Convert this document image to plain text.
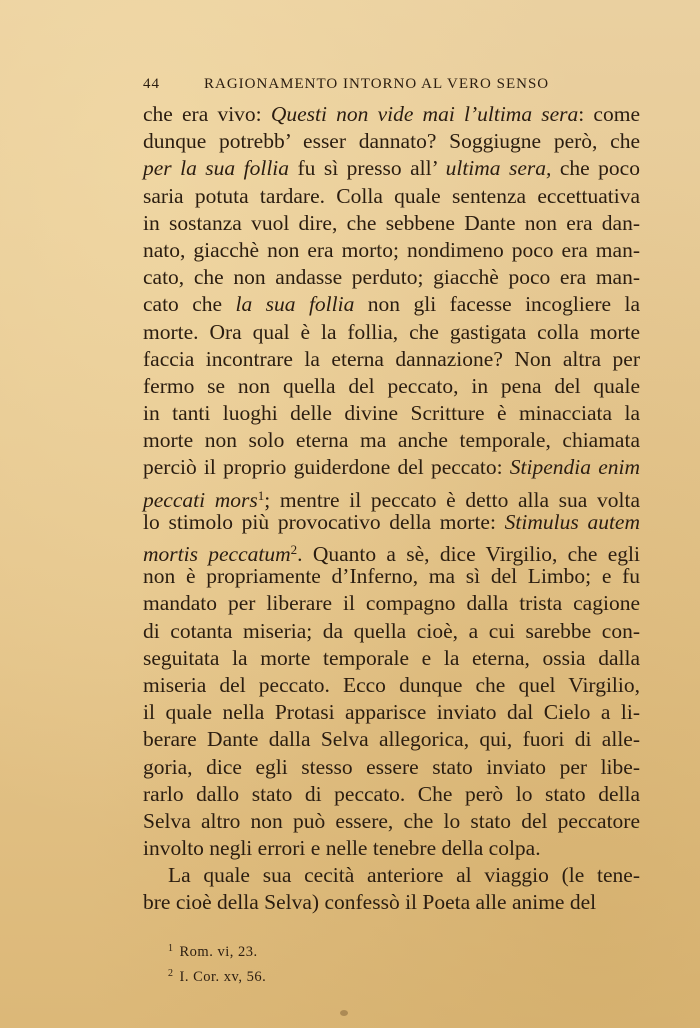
44	RAGIONAMENTO INTORNO AL VERO SENSO
che era vivo: Questi non vide mai l’ultima sera: come
dunque potrebb’ esser dannato? Soggiugne però, che
per la sua follia fu sì presso all’ ultima sera, che poco
saria potuta tardare. Colla quale sentenza eccettuativa
in sostanza vuol dire, che sebbene Dante non era dan-
nato, giacchè non era morto; nondimeno poco era man-
cato, che non andasse perduto; giacchè poco era man-
cato che la sua follia non gli facesse incogliere la
morte. Ora qual è la follia, che gastigata colla morte
faccia incontrare la eterna dannazione? Non altra per
fermo se non quella del peccato, in pena del quale
in tanti luoghi delle divine Scritture è minacciata la
morte non solo eterna ma anche temporale, chiamata
perciò il proprio guiderdone del peccato: Stipendia enim
peccati mors$^1$; mentre il peccato è detto alla sua volta
lo stimolo più provocativo della morte: Stimulus autem
mortis peccatum$^2$. Quanto a sè, dice Virgilio, che egli
non è propriamente d’Inferno, ma sì del Limbo; e fu
mandato per liberare il compagno dalla trista cagione
di cotanta miseria; da quella cioè, a cui sarebbe con-
seguitata la morte temporale e la eterna, ossia dalla
miseria del peccato. Ecco dunque che quel Virgilio,
il quale nella Protasi apparisce inviato dal Cielo a li-
berare Dante dalla Selva allegorica, qui, fuori di alle-
goria, dice egli stesso essere stato inviato per libe-
rarlo dallo stato di peccato. Che però lo stato della
Selva altro non può essere, che lo stato del peccatore
involto negli errori e nelle tenebre della colpa.
La quale sua cecità anteriore al viaggio (le tene-
bre cioè della Selva) confessò il Poeta alle anime del
$^1$ Rom. vi, 23.
$^2$ I. Cor. xv, 56.
